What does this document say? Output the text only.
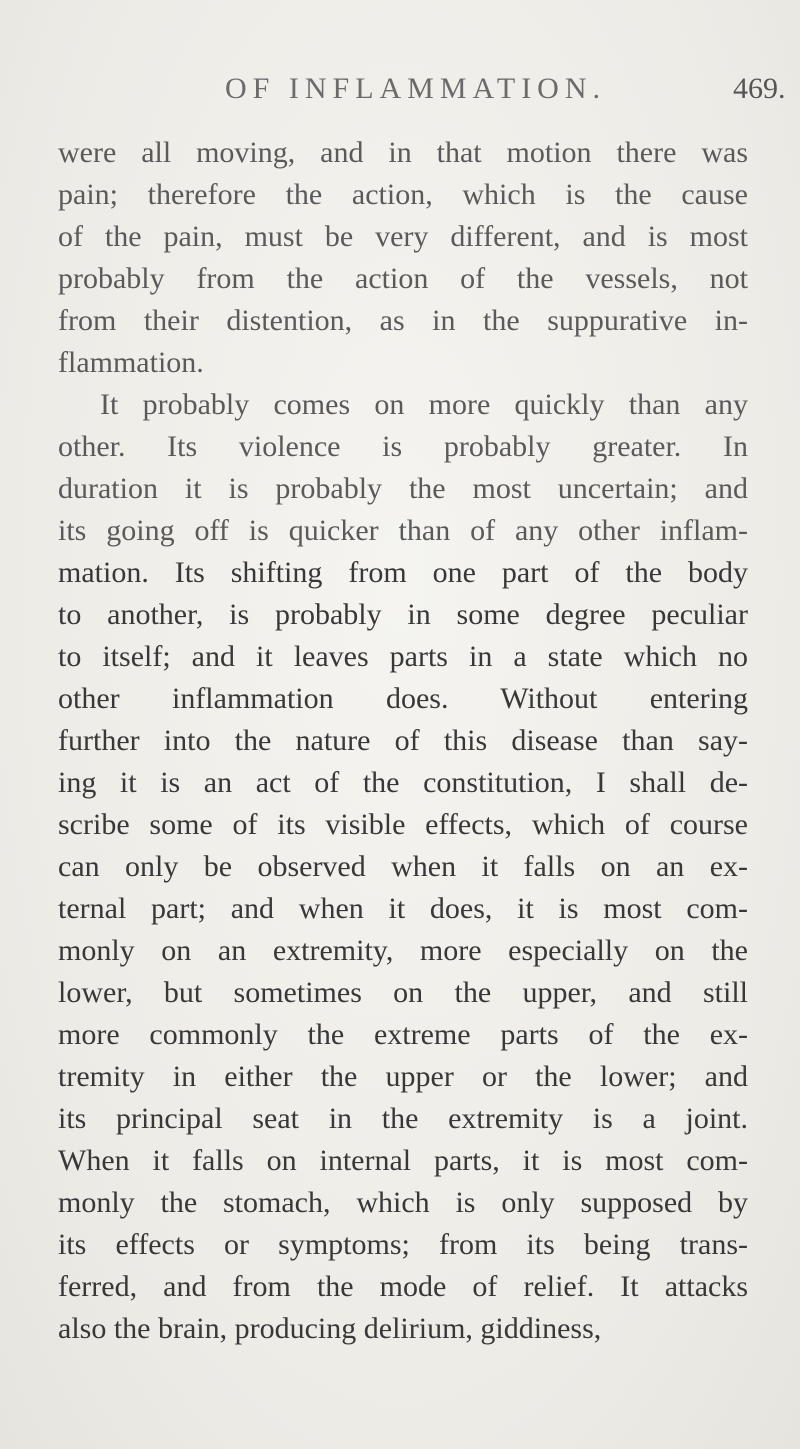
OF INFLAMMATION.	469.
were all moving, and in that motion there was
pain; therefore the action, which is the cause
of the pain, must be very different, and is most
probably from the action of the vessels, not
from their distention, as in the suppurative in-
flammation.
It probably comes on more quickly than any
other. Its violence is probably greater. In
duration it is probably the most uncertain; and
its going off is quicker than of any other inflam-
mation. Its shifting from one part of the body
to another, is probably in some degree peculiar
to itself; and it leaves parts in a state which no
other inflammation does. Without entering
further into the nature of this disease than say-
ing it is an act of the constitution, I shall de-
scribe some of its visible effects, which of course
can only be observed when it falls on an ex-
ternal part; and when it does, it is most com-
monly on an extremity, more especially on the
lower, but sometimes on the upper, and still
more commonly the extreme parts of the ex-
tremity in either the upper or the lower; and
its principal seat in the extremity is a joint.
When it falls on internal parts, it is most com-
monly the stomach, which is only supposed by
its effects or symptoms; from its being trans-
ferred, and from the mode of relief. It attacks
also the brain, producing delirium, giddiness,
